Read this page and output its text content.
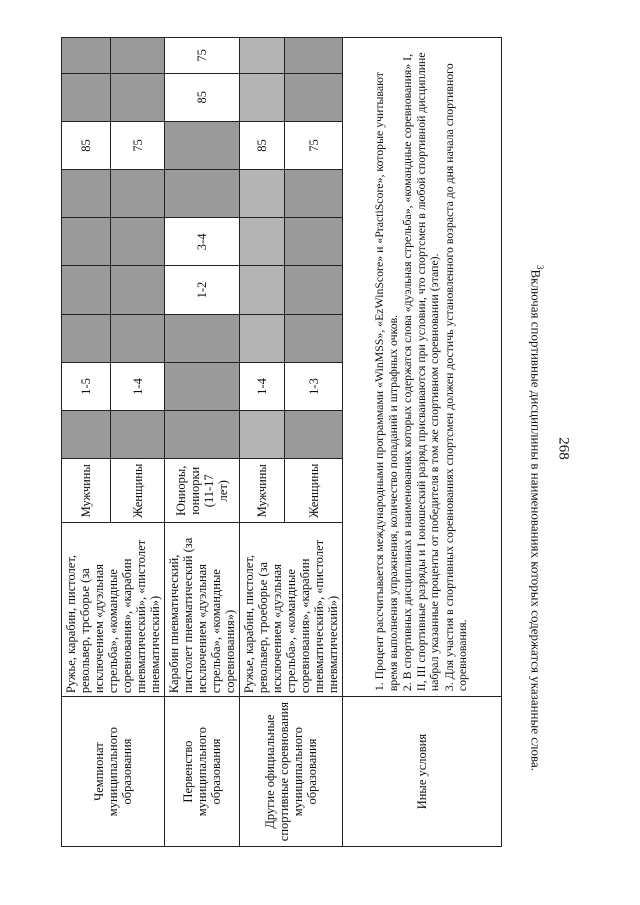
268
$^3$Включая спортивные дисциплины в наименованиях которых содержатся указанные слова.
Чемпионат муниципального образования	Ружье, карабин, пистолет, револьвер, трсборье (за исключением «дуэльная стрельба», «командные соревнования», «карабин пневматический», «пистолет пневматический»)	Мужчины		1-5					85		
		Женщины		1-4					75		
Первенство муниципального образования	Карабин пневматический, пистолет пневматический (за исключением «дуэльная стрельба», «командные соревнования»)	Юниоры, юниорки (11-17 лет)				1-2	3-4			85	75
Другие официальные спортивные соревнования муниципального образования	Ружье, карабин, пистолет, револьвер, троеборье (за исключением «дуэльная стрельба», «командные соревнования», «карабин пневматический», «пистолет пневматический»)	Мужчины		1-4					85		
		Женщины		1-3					75		
Иные условия	1. Процент рассчитывается международными программами «WinMSS», «EzWinScore» и «PractiScore», которые учитывают время выполнения упражнения, количество попаданий и штрафных очков. 2. В спортивных дисциплинах в наименованиях которых содержатся слова «дуэльная стрельба», «командные соревнования» I, II, III спортивные разряды и I юношеский разряд присваиваются при условии, что спортсмен в любой спортивной дисциплине набрал указанные проценты от победителя в том же спортивном соревновании (этапе). 3. Для участия в спортивных соревнованиях спортсмен должен достичь установленного возраста до дня начала спортивного соревнования.										
